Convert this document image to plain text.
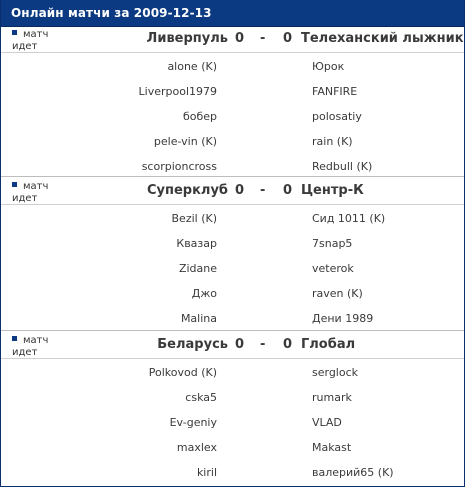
Онлайн матчи за 2009-12-13
матч идет
Ливерпуль 0 - 0 Телеханский лыжник
alone (K)	Юрок
Liverpool1979	FANFIRE
бобер	polosatiy
pele-vin (K)	rain (K)
scorpioncross	Redbull (K)
матч идет
Суперклуб 0 - 0 Центр-К
Bezil (K)	Сид 1011 (K)
Квазар	7snap5
Zidane	veterok
Джо	raven (K)
Malina	Дени 1989
матч идет
Беларусь 0 - 0 Глобал
Polkovod (K)	serglock
cska5	rumark
Ev-geniy	VLAD
maxlex	Makast
kiril	валерий65 (K)
